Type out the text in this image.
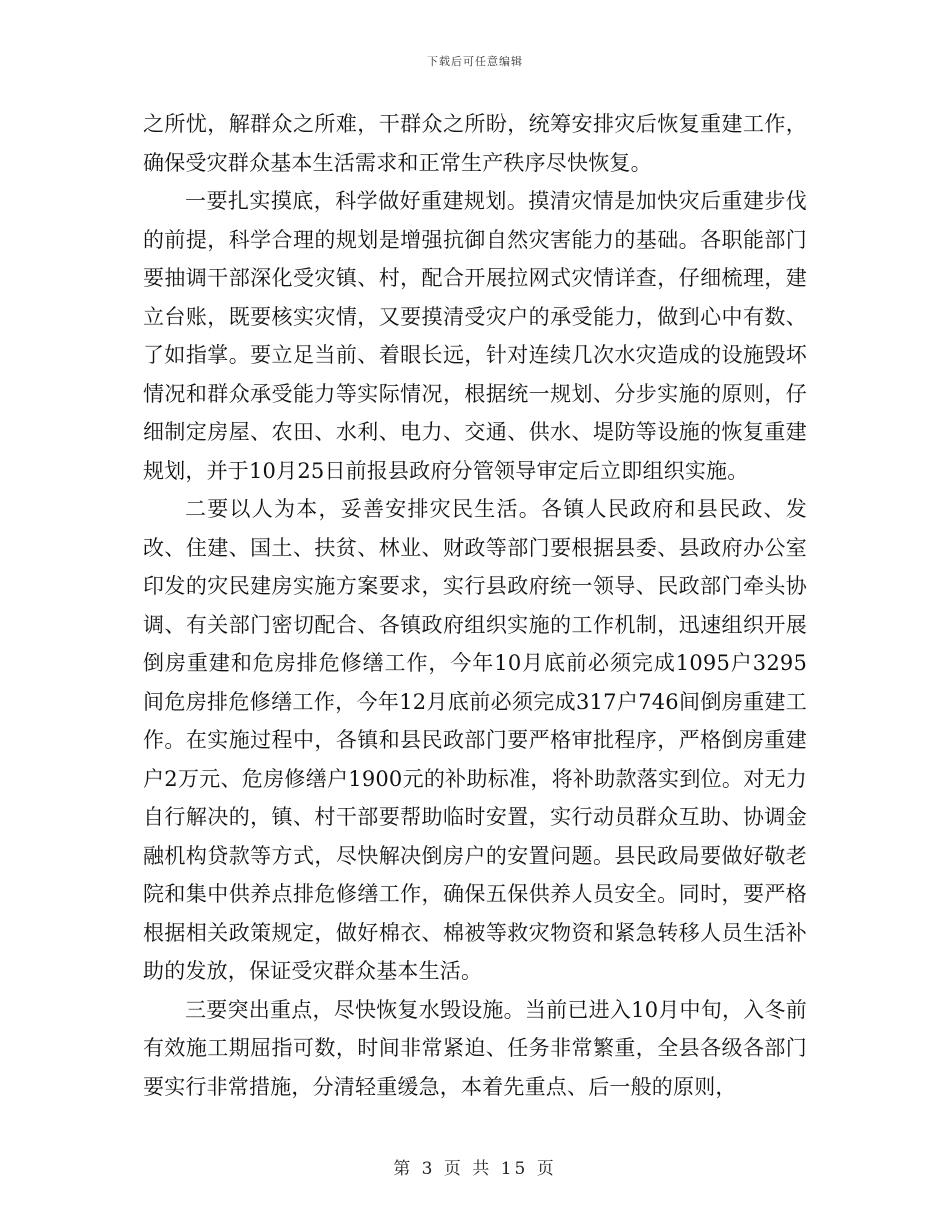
下载后可任意编辑

之所忧，解群众之所难，干群众之所盼，统筹安排灾后恢复重建工作，确保受灾群众基本生活需求和正常生产秩序尽快恢复。

一要扎实摸底，科学做好重建规划。摸清灾情是加快灾后重建步伐的前提，科学合理的规划是增强抗御自然灾害能力的基础。各职能部门要抽调干部深化受灾镇、村，配合开展拉网式灾情详查，仔细梳理，建立台账，既要核实灾情，又要摸清受灾户的承受能力，做到心中有数、了如指掌。要立足当前、着眼长远，针对连续几次水灾造成的设施毁坏情况和群众承受能力等实际情况，根据统一规划、分步实施的原则，仔细制定房屋、农田、水利、电力、交通、供水、堤防等设施的恢复重建规划，并于10月25日前报县政府分管领导审定后立即组织实施。

二要以人为本，妥善安排灾民生活。各镇人民政府和县民政、发改、住建、国土、扶贫、林业、财政等部门要根据县委、县政府办公室印发的灾民建房实施方案要求，实行县政府统一领导、民政部门牵头协调、有关部门密切配合、各镇政府组织实施的工作机制，迅速组织开展倒房重建和危房排危修缮工作，今年10月底前必须完成1095户3295间危房排危修缮工作，今年12月底前必须完成317户746间倒房重建工作。在实施过程中，各镇和县民政部门要严格审批程序，严格倒房重建户2万元、危房修缮户1900元的补助标准，将补助款落实到位。对无力自行解决的，镇、村干部要帮助临时安置，实行动员群众互助、协调金融机构贷款等方式，尽快解决倒房户的安置问题。县民政局要做好敬老院和集中供养点排危修缮工作，确保五保供养人员安全。同时，要严格根据相关政策规定，做好棉衣、棉被等救灾物资和紧急转移人员生活补助的发放，保证受灾群众基本生活。

三要突出重点，尽快恢复水毁设施。当前已进入10月中旬，入冬前有效施工期屈指可数，时间非常紧迫、任务非常繁重，全县各级各部门要实行非常措施，分清轻重缓急，本着先重点、后一般的原则，

第 3 页 共 15 页
